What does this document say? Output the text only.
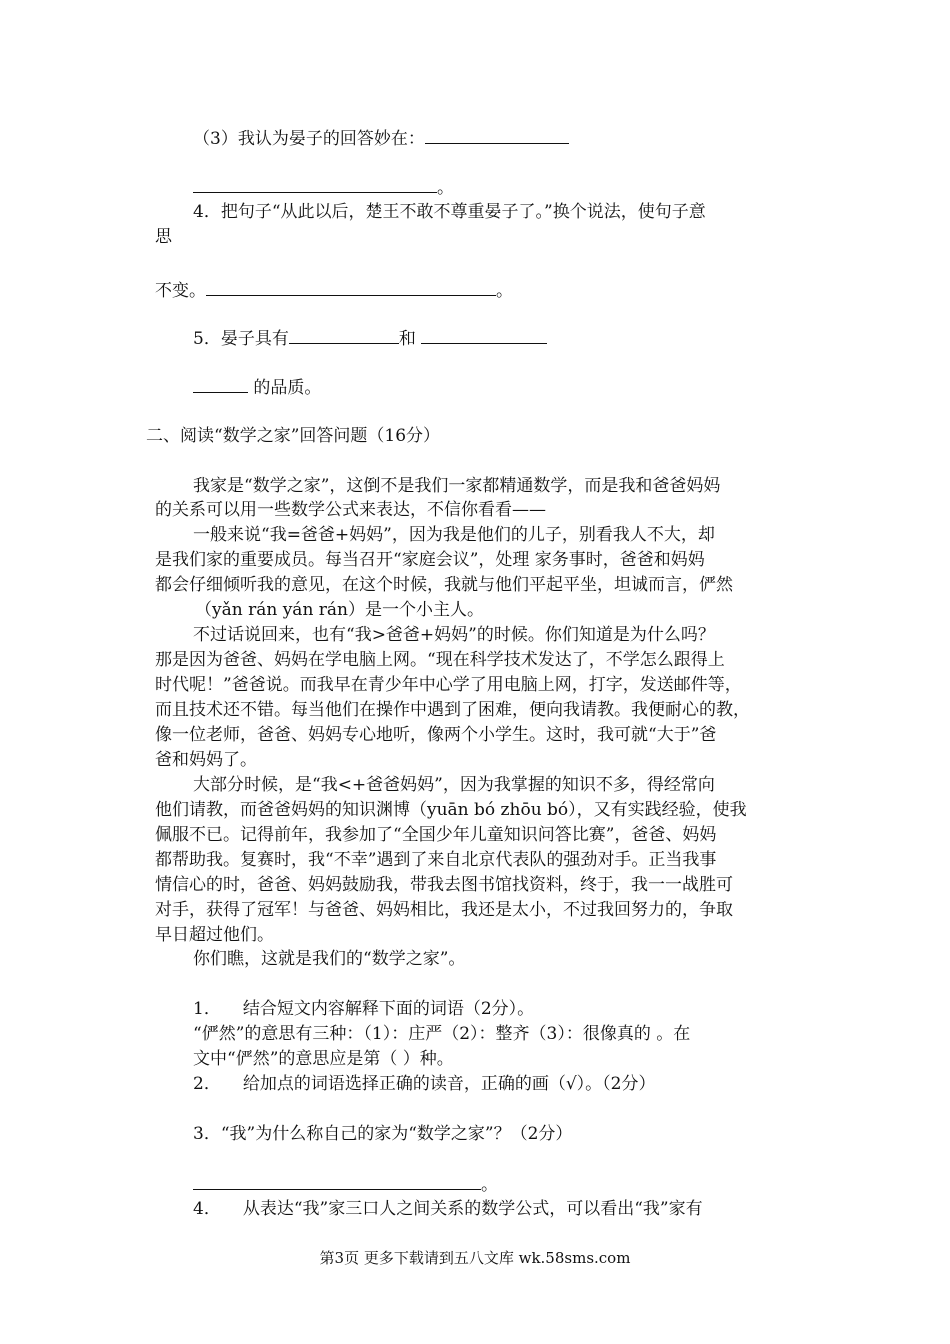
（3）我认为晏子的回答妙在：
。
4．把句子“从此以后，楚王不敢不尊重晏子了。”换个说法，使句子意
思
不变。	。
5．晏子具有	和
的品质。
二、阅读“数学之家”回答问题（16分）
我家是“数学之家”，这倒不是我们一家都精通数学，而是我和爸爸妈妈
的关系可以用一些数学公式来表达，不信你看看——
一般来说“我=爸爸+妈妈”，因为我是他们的儿子，别看我人不大，却
是我们家的重要成员。每当召开“家庭会议”，处理 家务事时，爸爸和妈妈
都会仔细倾听我的意见，在这个时候，我就与他们平起平坐，坦诚而言，俨然
（yǎn rán yán rán）是一个小主人。
不过话说回来，也有“我>爸爸+妈妈”的时候。你们知道是为什么吗？
那是因为爸爸、妈妈在学电脑上网。“现在科学技术发达了，不学怎么跟得上
时代呢！”爸爸说。而我早在青少年中心学了用电脑上网，打字，发送邮件等，
而且技术还不错。每当他们在操作中遇到了困难，便向我请教。我便耐心的教，
像一位老师，爸爸、妈妈专心地听，像两个小学生。这时，我可就“大于”爸
爸和妈妈了。
大部分时候，是“我<+爸爸妈妈”，因为我掌握的知识不多，得经常向
他们请教，而爸爸妈妈的知识渊博（yuān bó zhōu bó），又有实践经验，使我
佩服不已。记得前年，我参加了“全国少年儿童知识问答比赛”，爸爸、妈妈
都帮助我。复赛时，我“不幸”遇到了来自北京代表队的强劲对手。正当我事
情信心的时，爸爸、妈妈鼓励我，带我去图书馆找资料，终于，我一一战胜可
对手，获得了冠军！与爸爸、妈妈相比，我还是太小，不过我回努力的，争取
早日超过他们。
你们瞧，这就是我们的“数学之家”。
1． 结合短文内容解释下面的词语（2分）。
“俨然”的意思有三种：（1）：庄严（2）：整齐（3）：很像真的 。在
文中“俨然”的意思应是第（ ）种。
2． 给加点的词语选择正确的读音，正确的画（√）。（2分）
3．“我”为什么称自己的家为“数学之家”？（2分）
。
4． 从表达“我”家三口人之间关系的数学公式，可以看出“我”家有
第3页 更多下载请到五八文库 wk.58sms.com
